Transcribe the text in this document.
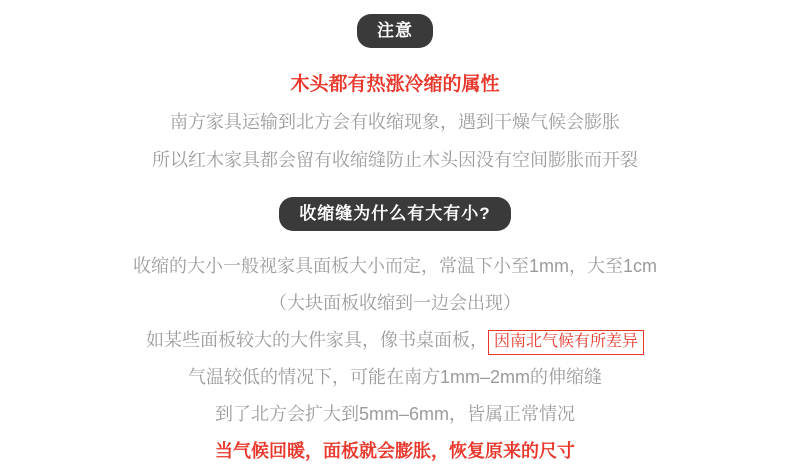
注意
木头都有热涨冷缩的属性
南方家具运输到北方会有收缩现象，遇到干燥气候会膨胀
所以红木家具都会留有收缩缝防止木头因没有空间膨胀而开裂
收缩缝为什么有大有小?
收缩的大小一般视家具面板大小而定，常温下小至1mm，大至1cm
（大块面板收缩到一边会出现）
如某些面板较大的大件家具，像书桌面板， 因南北气候有所差异
气温较低的情况下，可能在南方1mm–2mm的伸缩缝
到了北方会扩大到5mm–6mm，皆属正常情况
当气候回暖，面板就会膨胀，恢复原来的尺寸
